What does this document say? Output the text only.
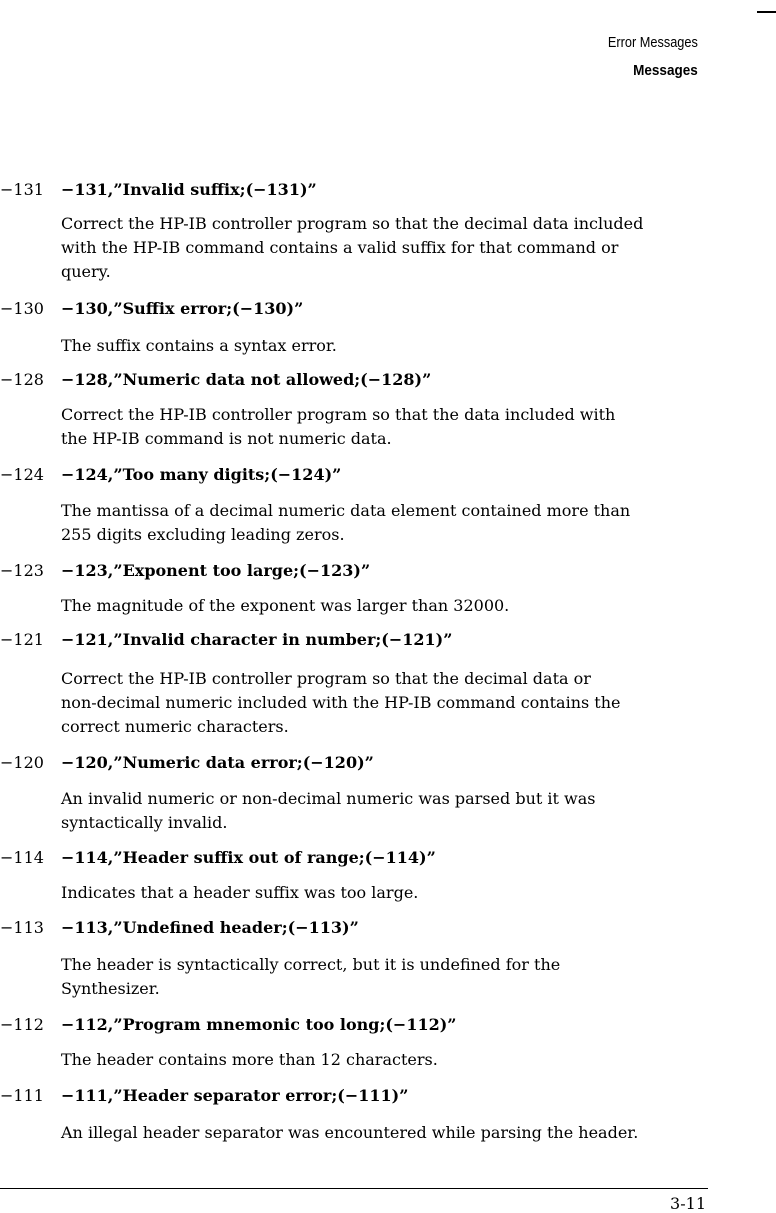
Error Messages
Messages
−131 −131,”Invalid suffix;(−131)”
Correct the HP-IB controller program so that the decimal data included
with the HP-IB command contains a valid suffix for that command or
query.
−130 −130,”Suffix error;(−130)”
The suffix contains a syntax error.
−128 −128,”Numeric data not allowed;(−128)”
Correct the HP-IB controller program so that the data included with
the HP-IB command is not numeric data.
−124 −124,”Too many digits;(−124)”
The mantissa of a decimal numeric data element contained more than
255 digits excluding leading zeros.
−123 −123,”Exponent too large;(−123)”
The magnitude of the exponent was larger than 32000.
−121 −121,”Invalid character in number;(−121)”
Correct the HP-IB controller program so that the decimal data or
non-decimal numeric included with the HP-IB command contains the
correct numeric characters.
−120 −120,”Numeric data error;(−120)”
An invalid numeric or non-decimal numeric was parsed but it was
syntactically invalid.
−114 −114,”Header suffix out of range;(−114)”
Indicates that a header suffix was too large.
−113 −113,”Undefined header;(−113)”
The header is syntactically correct, but it is undefined for the
Synthesizer.
−112 −112,”Program mnemonic too long;(−112)”
The header contains more than 12 characters.
−111 −111,”Header separator error;(−111)”
An illegal header separator was encountered while parsing the header.
3-11
